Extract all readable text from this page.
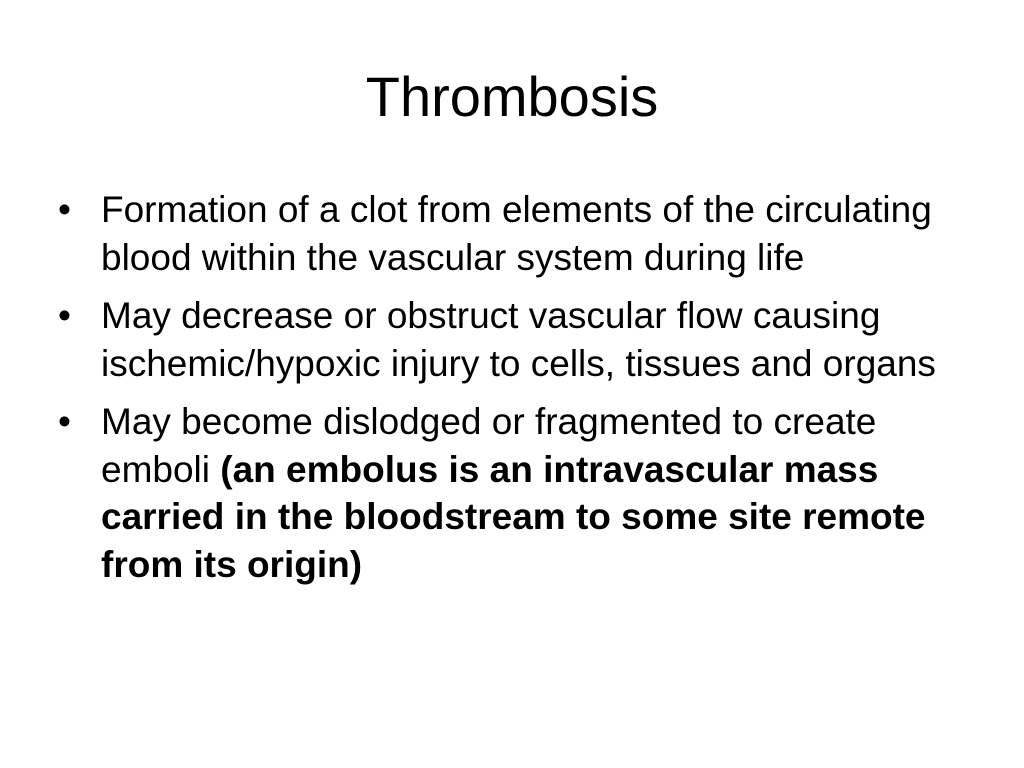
Thrombosis
• Formation of a clot from elements of the circulating blood within the vascular system during life
• May decrease or obstruct vascular flow causing ischemic/hypoxic injury to cells, tissues and organs
• May become dislodged or fragmented to create emboli (an embolus is an intravascular mass carried in the bloodstream to some site remote from its origin)
